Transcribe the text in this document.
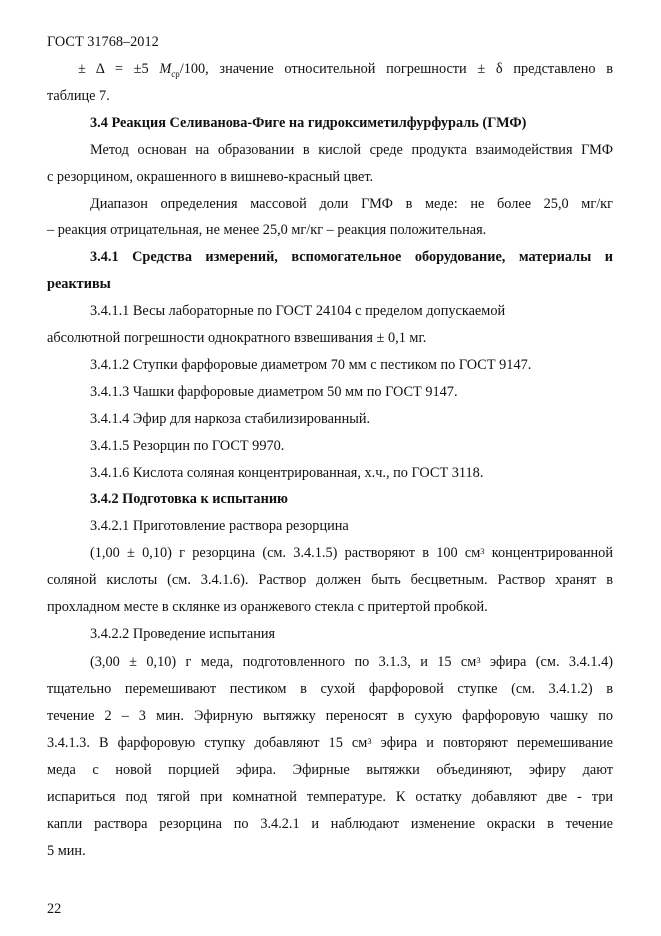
ГОСТ 31768–2012
± Δ = ±5 $M_{ср}/100$, значение относительной погрешности ± δ представлено в
таблице 7.
3.4 Реакция Селиванова-Фиге на гидроксиметилфурфураль (ГМФ)
Метод основан на образовании в кислой среде продукта взаимодействия ГМФ
с резорцином, окрашенного в вишнево-красный цвет.
Диапазон определения массовой доли ГМФ в меде: не более 25,0 мг/кг
– реакция отрицательная, не менее 25,0 мг/кг – реакция положительная.
3.4.1 Средства измерений, вспомогательное оборудование, материалы и
реактивы
3.4.1.1 Весы лабораторные по ГОСТ 24104 с пределом допускаемой
абсолютной погрешности однократного взвешивания ± 0,1 мг.
3.4.1.2 Ступки фарфоровые диаметром 70 мм с пестиком по ГОСТ 9147.
3.4.1.3 Чашки фарфоровые диаметром 50 мм по ГОСТ 9147.
3.4.1.4 Эфир для наркоза стабилизированный.
3.4.1.5 Резорцин по ГОСТ 9970.
3.4.1.6 Кислота соляная концентрированная, х.ч., по ГОСТ 3118.
3.4.2 Подготовка к испытанию
3.4.2.1 Приготовление раствора резорцина
(1,00 ± 0,10) г резорцина (см. 3.4.1.5) растворяют в 100 $см^3$ концентрированной
соляной кислоты (см. 3.4.1.6). Раствор должен быть бесцветным. Раствор хранят в
прохладном месте в склянке из оранжевого стекла с притертой пробкой.
3.4.2.2 Проведение испытания
(3,00 ± 0,10) г меда, подготовленного по 3.1.3, и 15 $см^3$ эфира (см. 3.4.1.4)
тщательно перемешивают пестиком в сухой фарфоровой ступке (см. 3.4.1.2) в
течение 2 – 3 мин. Эфирную вытяжку переносят в сухую фарфоровую чашку по
3.4.1.3. В фарфоровую ступку добавляют 15 $см^3$ эфира и повторяют перемешивание
меда с новой порцией эфира. Эфирные вытяжки объединяют, эфиру дают
испариться под тягой при комнатной температуре. К остатку добавляют две - три
капли раствора резорцина по 3.4.2.1 и наблюдают изменение окраски в течение
5 мин.
22
